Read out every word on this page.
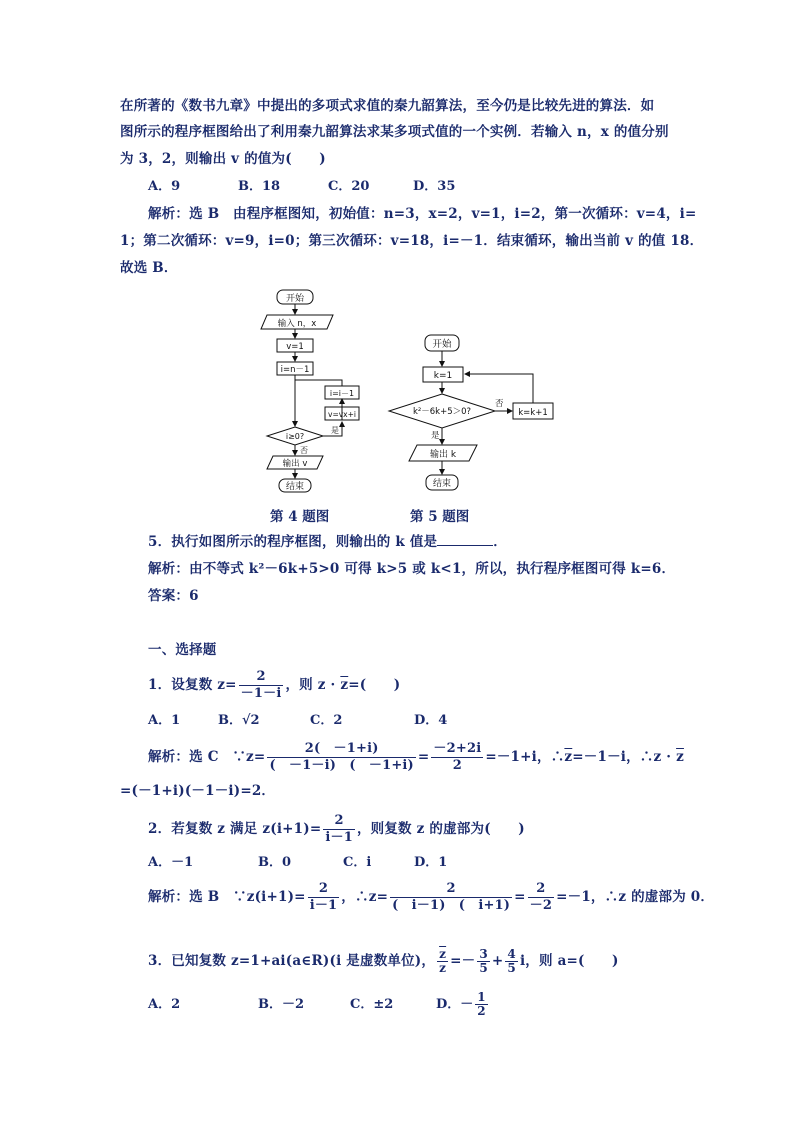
在所著的《数书九章》中提出的多项式求值的秦九韶算法，至今仍是比较先进的算法．如
图所示的程序框图给出了利用秦九韶算法求某多项式值的一个实例．若输入 n，x 的值分别
为 3，2，则输出 v 的值为(　　)
A．9	B．18	C．20	D．35
解析：选 B　由程序框图知，初始值：n=3，x=2，v=1，i=2，第一次循环：v=4，i=
1；第二次循环：v=9，i=0；第三次循环：v=18，i=－1．结束循环，输出当前 v 的值 18．
故选 B．
开始
输入 n，x
v=1
i=n－1
i=i－1
v=vx+i
i≥0?
是
否
输出 v
结束
开始
k=1
k²－6k+5＞0?
否
k=k+1
是
输出 k
结束
第 4 题图	第 5 题图
5．执行如图所示的程序框图，则输出的 k 值是	．
解析：由不等式 k²－6k+5>0 可得 k>5 或 k<1，所以，执行程序框图可得 k=6．
答案：6
一、选择题
1．设复数 $z= \frac{2}{-1-i}$ ，则 $z \cdot \overline{z}=$(　　)
A．1	B．√2	C．2	D．4
解析：选 C　∵z= $\frac{2( -1+i)}{( -1-i) ( -1+i)} = \frac{-2+2i}{2} =-1+i$，$\therefore\overline{z}=-1-i$，∴z · $\overline{z}$
=(－1+i)(－1－i)=2．
2．若复数 z 满足 $z(i+1)= \frac{2}{i-1}$ ，则复数 z 的虚部为(　　)
A．－1	B．0	C．i	D．1
解析：选 B　∵z(i+1)= $\frac{2}{i-1}$ ，∴z= $\frac{2}{( i-1) ( i+1)} = \frac{2}{-2} =-1$，∴z 的虚部为 0．
3．已知复数 z=1+ai(a∈R)(i 是虚数单位)， $\frac{\overline{z}}{z} =- \frac{3}{5} + \frac{4}{5}$ i，则 a=(　　)
A．2	B．－2	C．±2	D．－ $\frac{1}{2}$
